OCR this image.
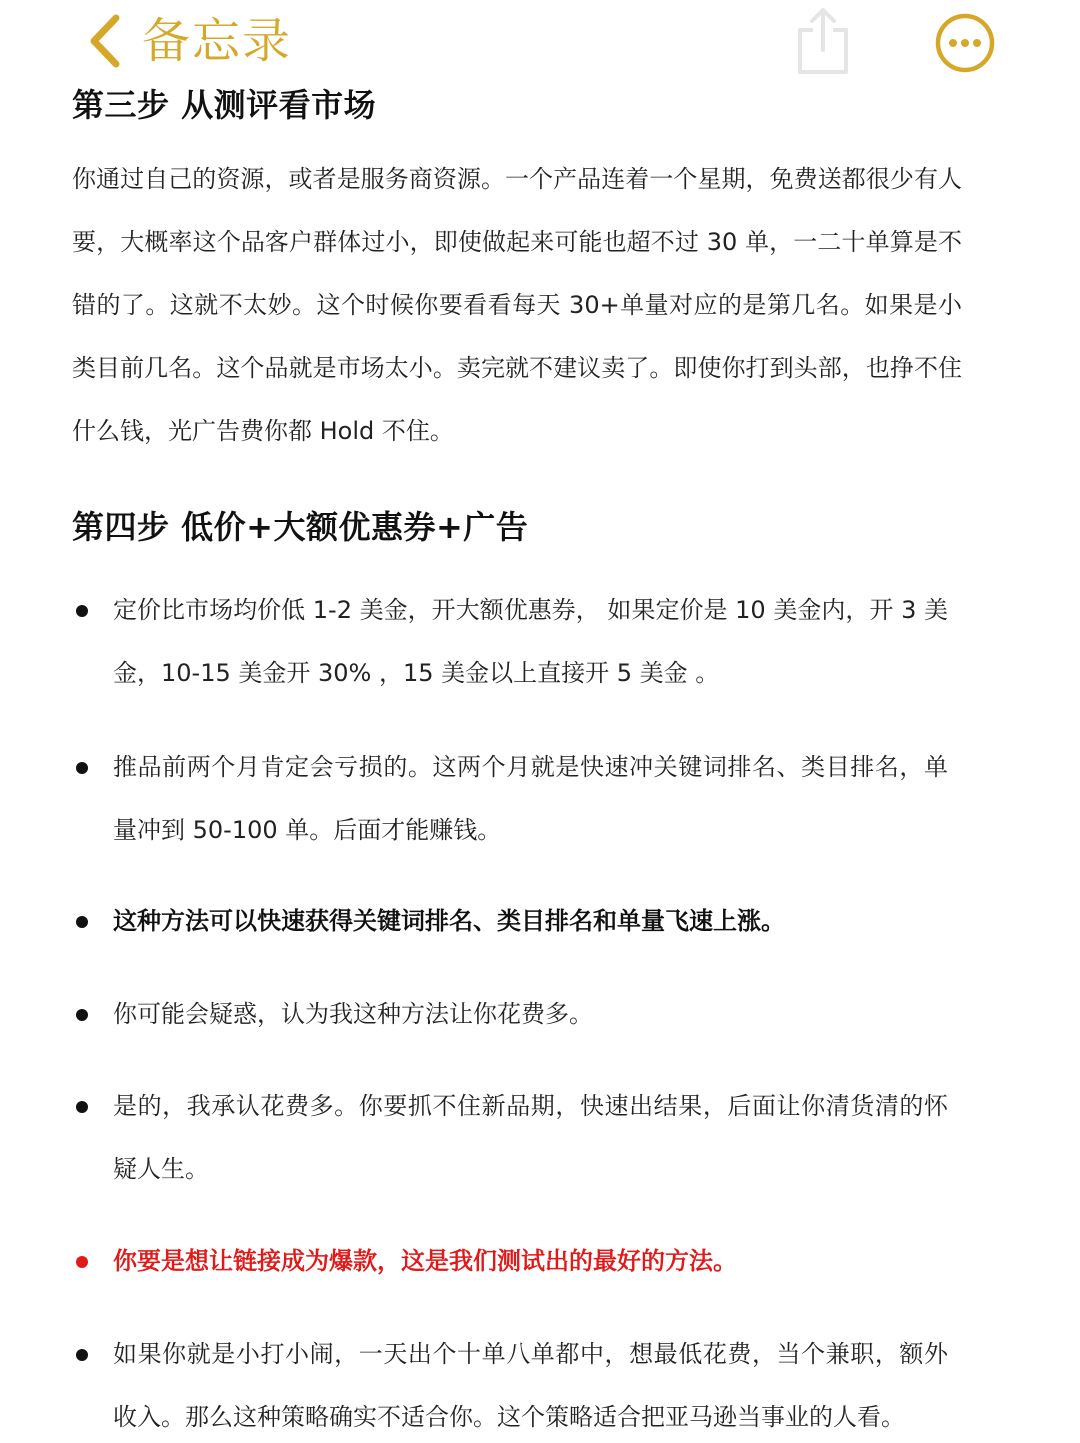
备忘录
第三步 从测评看市场
你通过自己的资源，或者是服务商资源。一个产品连着一个星期，免费送都很少有人要，大概率这个品客户群体过小，即使做起来可能也超不过 30 单，一二十单算是不错的了。这就不太妙。这个时候你要看看每天 30+单量对应的是第几名。如果是小类目前几名。这个品就是市场太小。卖完就不建议卖了。即使你打到头部，也挣不住什么钱，光广告费你都 Hold 不住。
第四步 低价+大额优惠券+广告
定价比市场均价低 1-2 美金，开大额优惠券， 如果定价是 10 美金内，开 3 美金，10-15 美金开 30% ，15 美金以上直接开 5 美金 。
推品前两个月肯定会亏损的。这两个月就是快速冲关键词排名、类目排名，单量冲到 50-100 单。后面才能赚钱。
这种方法可以快速获得关键词排名、类目排名和单量飞速上涨。
你可能会疑惑，认为我这种方法让你花费多。
是的，我承认花费多。你要抓不住新品期，快速出结果，后面让你清货清的怀疑人生。
你要是想让链接成为爆款，这是我们测试出的最好的方法。
如果你就是小打小闹，一天出个十单八单都中，想最低花费，当个兼职，额外收入。那么这种策略确实不适合你。这个策略适合把亚马逊当事业的人看。
